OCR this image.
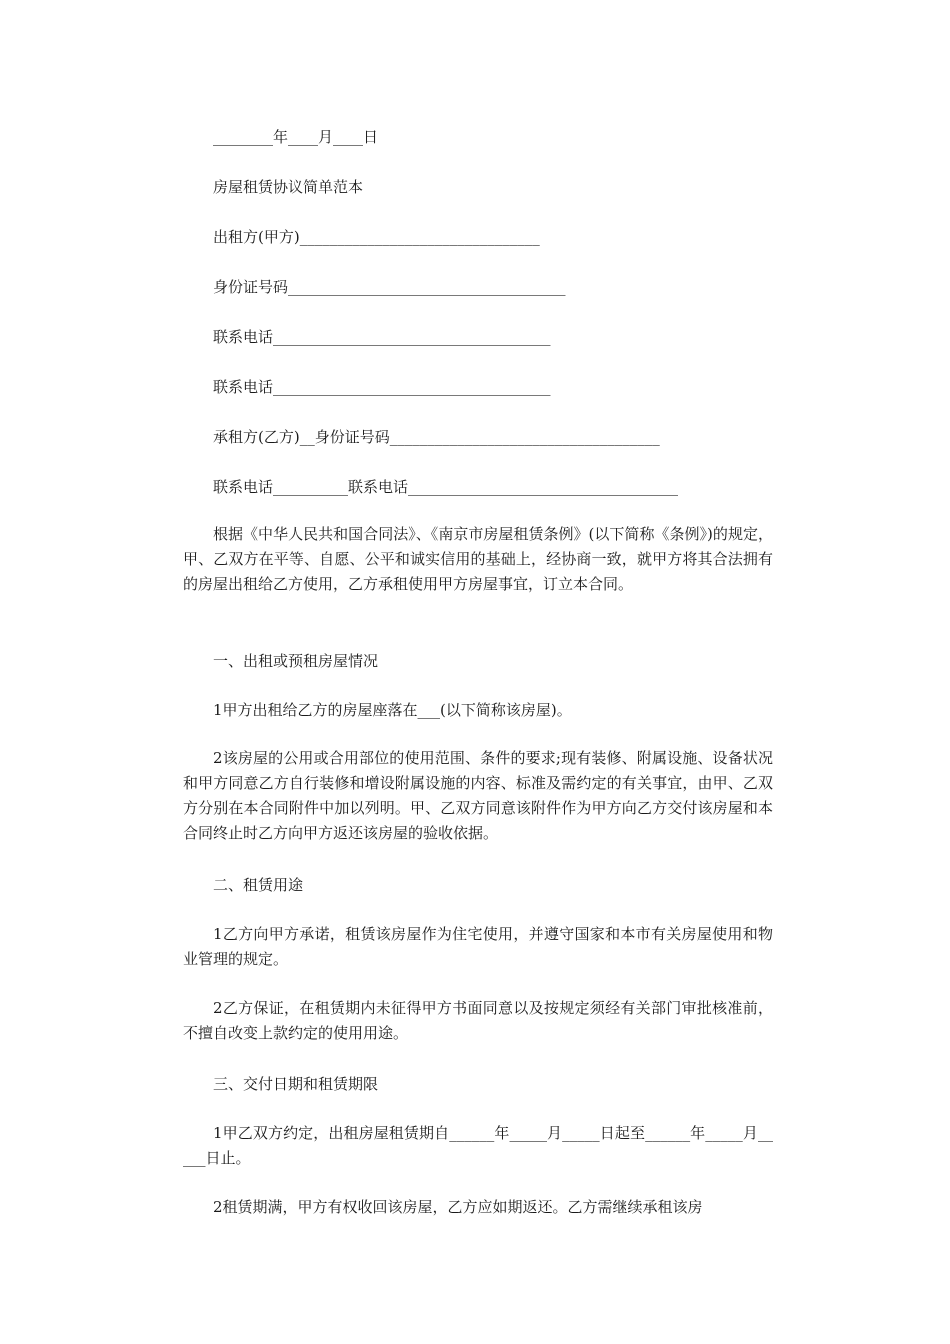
________年____月____日
房屋租赁协议简单范本
出租方(甲方)________________________________
身份证号码_____________________________________
联系电话_____________________________________
联系电话_____________________________________
承租方(乙方)__身份证号码____________________________________
联系电话__________联系电话____________________________________
根据《中华人民共和国合同法》、《南京市房屋租赁条例》(以下简称《条例》)的规定，甲、乙双方在平等、自愿、公平和诚实信用的基础上，经协商一致，就甲方将其合法拥有的房屋出租给乙方使用，乙方承租使用甲方房屋事宜，订立本合同。
一、出租或预租房屋情况
1甲方出租给乙方的房屋座落在___(以下简称该房屋)。
2该房屋的公用或合用部位的使用范围、条件的要求;现有装修、附属设施、设备状况和甲方同意乙方自行装修和增设附属设施的内容、标准及需约定的有关事宜，由甲、乙双方分别在本合同附件中加以列明。甲、乙双方同意该附件作为甲方向乙方交付该房屋和本合同终止时乙方向甲方返还该房屋的验收依据。
二、租赁用途
1乙方向甲方承诺，租赁该房屋作为住宅使用，并遵守国家和本市有关房屋使用和物业管理的规定。
2乙方保证，在租赁期内未征得甲方书面同意以及按规定须经有关部门审批核准前，不擅自改变上款约定的使用用途。
三、交付日期和租赁期限
1甲乙双方约定，出租房屋租赁期自______年_____月_____日起至______年_____月_____日止。
2租赁期满，甲方有权收回该房屋，乙方应如期返还。乙方需继续承租该房
